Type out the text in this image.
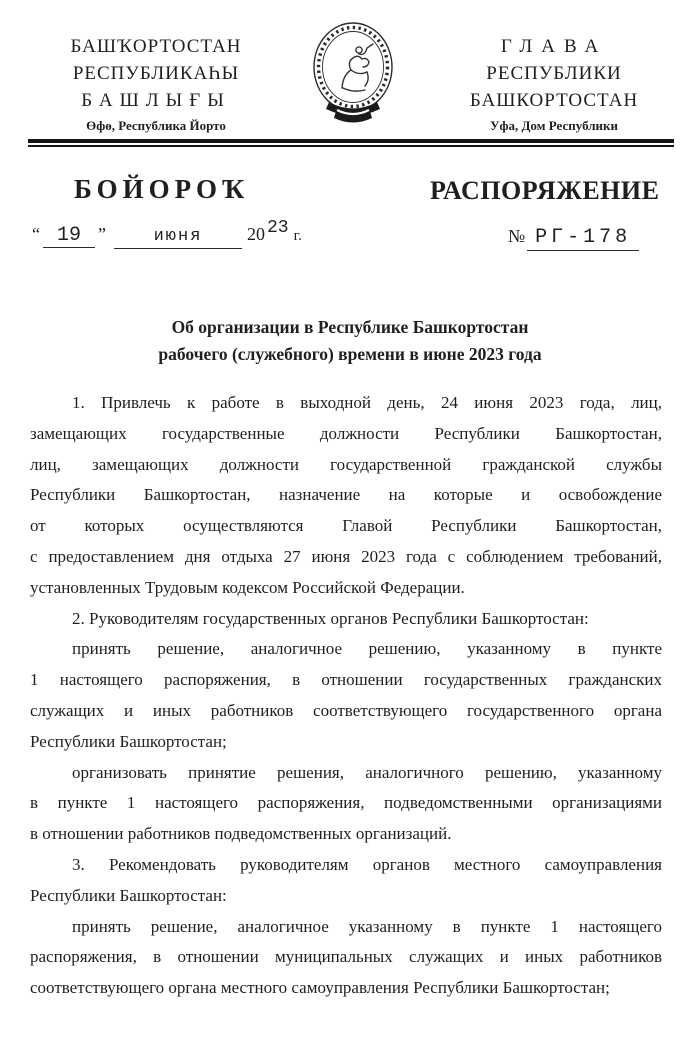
БАШҠОРТОСТАН
РЕСПУБЛИКАҺЫ
БАШЛЫҒЫ
Өфө, Республика Йорто
ГЛАВА
РЕСПУБЛИКИ
БАШКОРТОСТАН
Уфа, Дом Республики
БОЙОРОҠ	РАСПОРЯЖЕНИЕ
“ 19 ”	июня 20 23 г.	№ РГ-178
Об организации в Республике Башкортостан
рабочего (служебного) времени в июне 2023 года
1. Привлечь к работе в выходной день, 24 июня 2023 года, лиц,
замещающих государственные должности Республики Башкортостан,
лиц, замещающих должности государственной гражданской службы
Республики Башкортостан, назначение на которые и освобождение
от которых осуществляются Главой Республики Башкортостан,
с предоставлением дня отдыха 27 июня 2023 года с соблюдением требований,
установленных Трудовым кодексом Российской Федерации.
2. Руководителям государственных органов Республики Башкортостан:
принять решение, аналогичное решению, указанному в пункте
1 настоящего распоряжения, в отношении государственных гражданских
служащих и иных работников соответствующего государственного органа
Республики Башкортостан;
организовать принятие решения, аналогичного решению, указанному
в пункте 1 настоящего распоряжения, подведомственными организациями
в отношении работников подведомственных организаций.
3. Рекомендовать руководителям органов местного самоуправления
Республики Башкортостан:
принять решение, аналогичное указанному в пункте 1 настоящего
распоряжения, в отношении муниципальных служащих и иных работников
соответствующего органа местного самоуправления Республики Башкортостан;
